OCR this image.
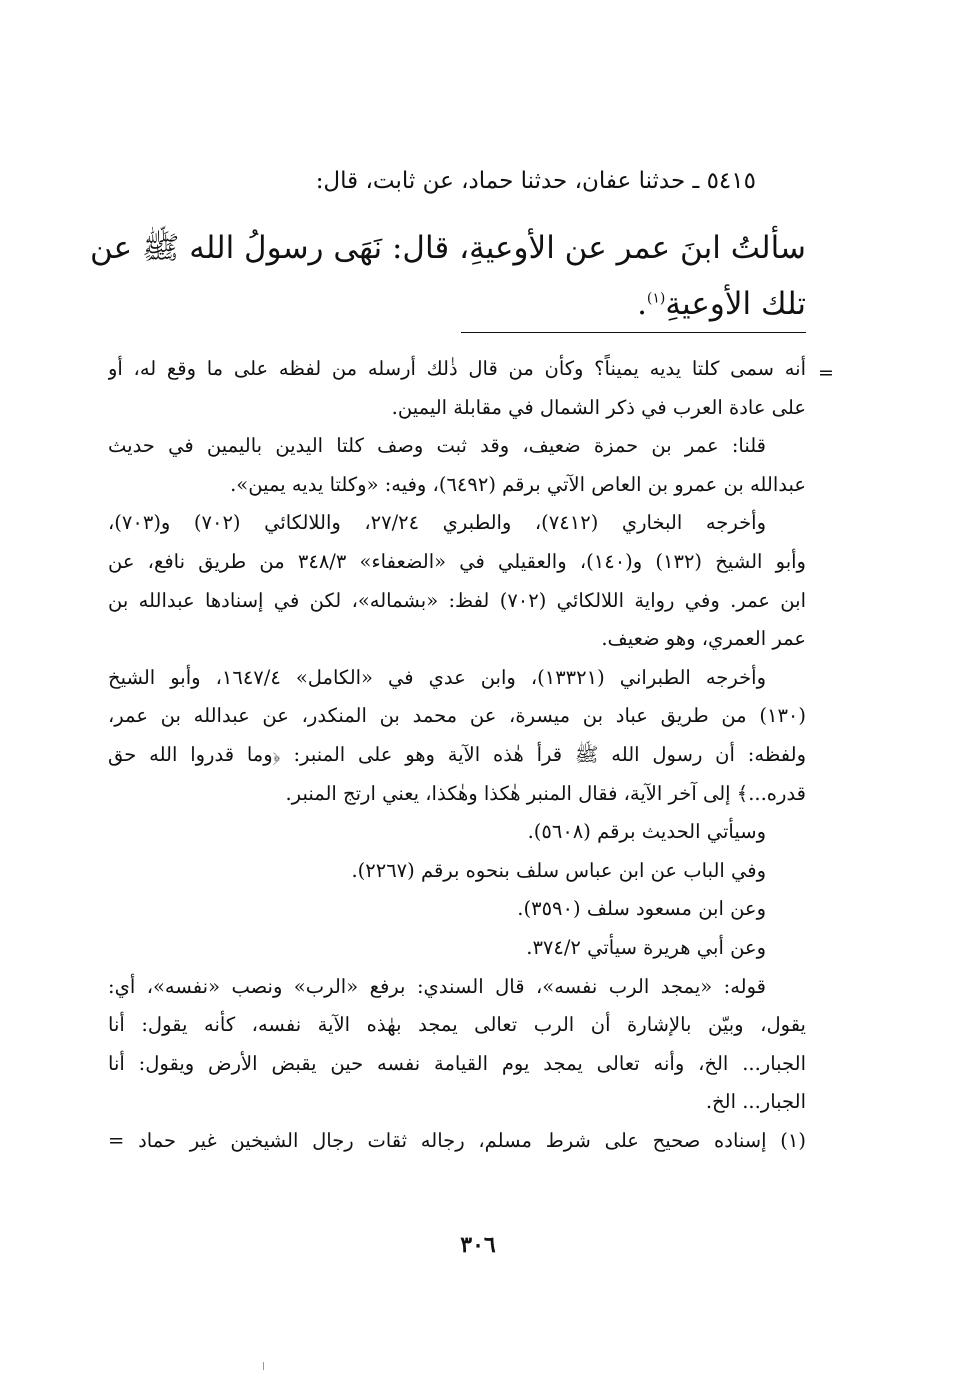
٥٤١٥ ـ حدثنا عفان، حدثنا حماد، عن ثابت، قال:
سألتُ ابنَ عمر عن الأوعيةِ، قال: نَهَى رسولُ الله ﷺ عن
تلك الأوعيةِ$^{(١)}$.
=
أنه سمى كلتا يديه يميناً؟ وكأن من قال ذٰلك أرسله من لفظه على ما وقع له، أو
على عادة العرب في ذكر الشمال في مقابلة اليمين.
قلنا: عمر بن حمزة ضعيف، وقد ثبت وصف كلتا اليدين باليمين في حديث
عبدالله بن عمرو بن العاص الآتي برقم (٦٤٩٢)، وفيه: «وكلتا يديه يمين».
وأخرجه البخاري (٧٤١٢)، والطبري ٢٧/٢٤، واللالكائي (٧٠٢) و(٧٠٣)،
وأبو الشيخ (١٣٢) و(١٤٠)، والعقيلي في «الضعفاء» ٣٤٨/٣ من طريق نافع، عن
ابن عمر. وفي رواية اللالكائي (٧٠٢) لفظ: «بشماله»، لكن في إسنادها عبدالله بن
عمر العمري، وهو ضعيف.
وأخرجه الطبراني (١٣٣٢١)، وابن عدي في «الكامل» ١٦٤٧/٤، وأبو الشيخ
(١٣٠) من طريق عباد بن ميسرة، عن محمد بن المنكدر، عن عبدالله بن عمر،
ولفظه: أن رسول الله ﷺ قرأ هٰذه الآية وهو على المنبر: ﴿وما قدروا الله حق
قدره...﴾ إلى آخر الآية، فقال المنبر هٰكذا وهٰكذا، يعني ارتج المنبر.
وسيأتي الحديث برقم (٥٦٠٨).
وفي الباب عن ابن عباس سلف بنحوه برقم (٢٢٦٧).
وعن ابن مسعود سلف (٣٥٩٠).
وعن أبي هريرة سيأتي ٣٧٤/٢.
قوله: «يمجد الرب نفسه»، قال السندي: برفع «الرب» ونصب «نفسه»، أي:
يقول، وبيّن بالإشارة أن الرب تعالى يمجد بهٰذه الآية نفسه، كأنه يقول: أنا
الجبار... الخ، وأنه تعالى يمجد يوم القيامة نفسه حين يقبض الأرض ويقول: أنا
الجبار... الخ.
(١) إسناده صحيح على شرط مسلم، رجاله ثقات رجال الشيخين غير حماد =
٣٠٦
